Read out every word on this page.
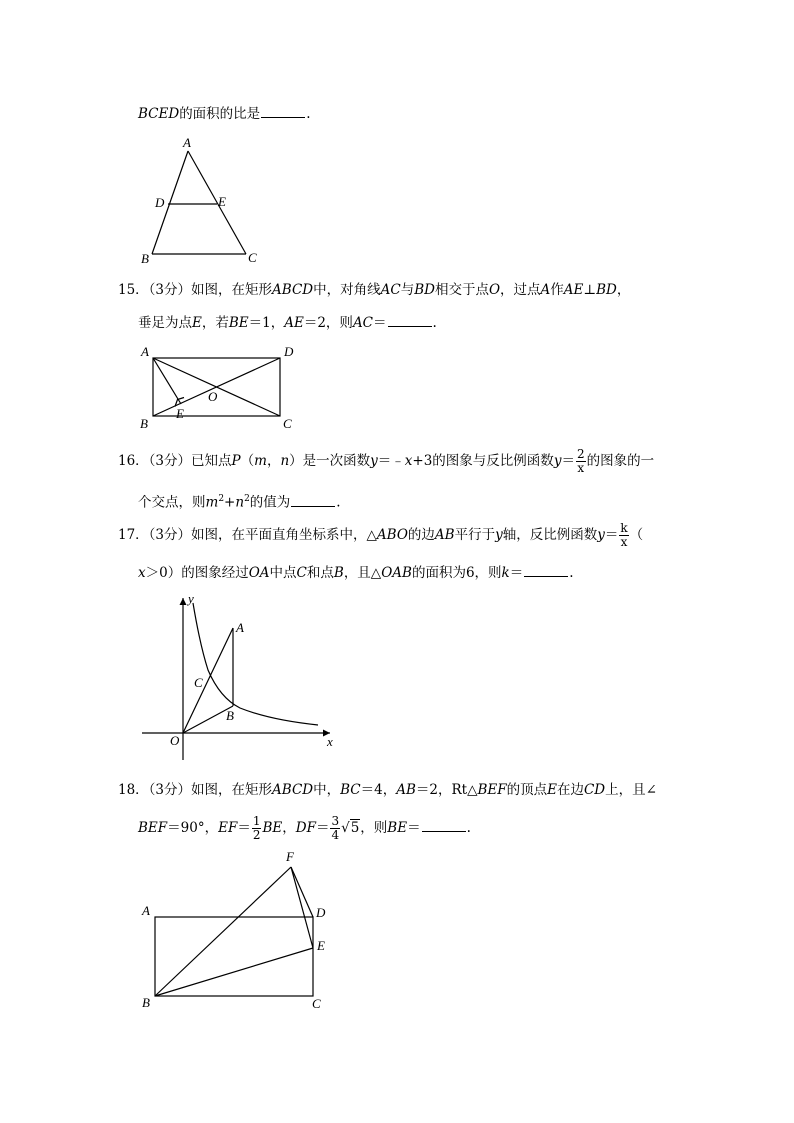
BCED的面积的比是	.
A
D	E
B	C
15．（3分）如图，在矩形ABCD中，对角线AC与BD相交于点O，过点A作AE⊥BD，
垂足为点E，若BE＝1，AE＝2，则AC＝	.
A	D
O
E
B	C
16．（3分）已知点P（m，n）是一次函数y＝﹣x+3的图象与反比例函数$y= \frac{2}{x}$ 的图象的一
个交点，则$m^2+n^2$的值为	.
17．（3分）如图，在平面直角坐标系中，△ABO的边AB平行于y轴，反比例函数$y= \frac{k}{x}$ （
x＞0）的图象经过OA中点C和点B，且△OAB的面积为6，则k＝	.
y
A
C
B
O	x
18．（3分）如图，在矩形ABCD中，BC＝4，AB＝2，Rt△BEF的顶点E在边CD上，且∠
BEF＝90°，$EF= \frac{1}{2}$ BE，$DF= \frac{3}{4} √5$，则BE＝	.
F
A	D
E
B	C
